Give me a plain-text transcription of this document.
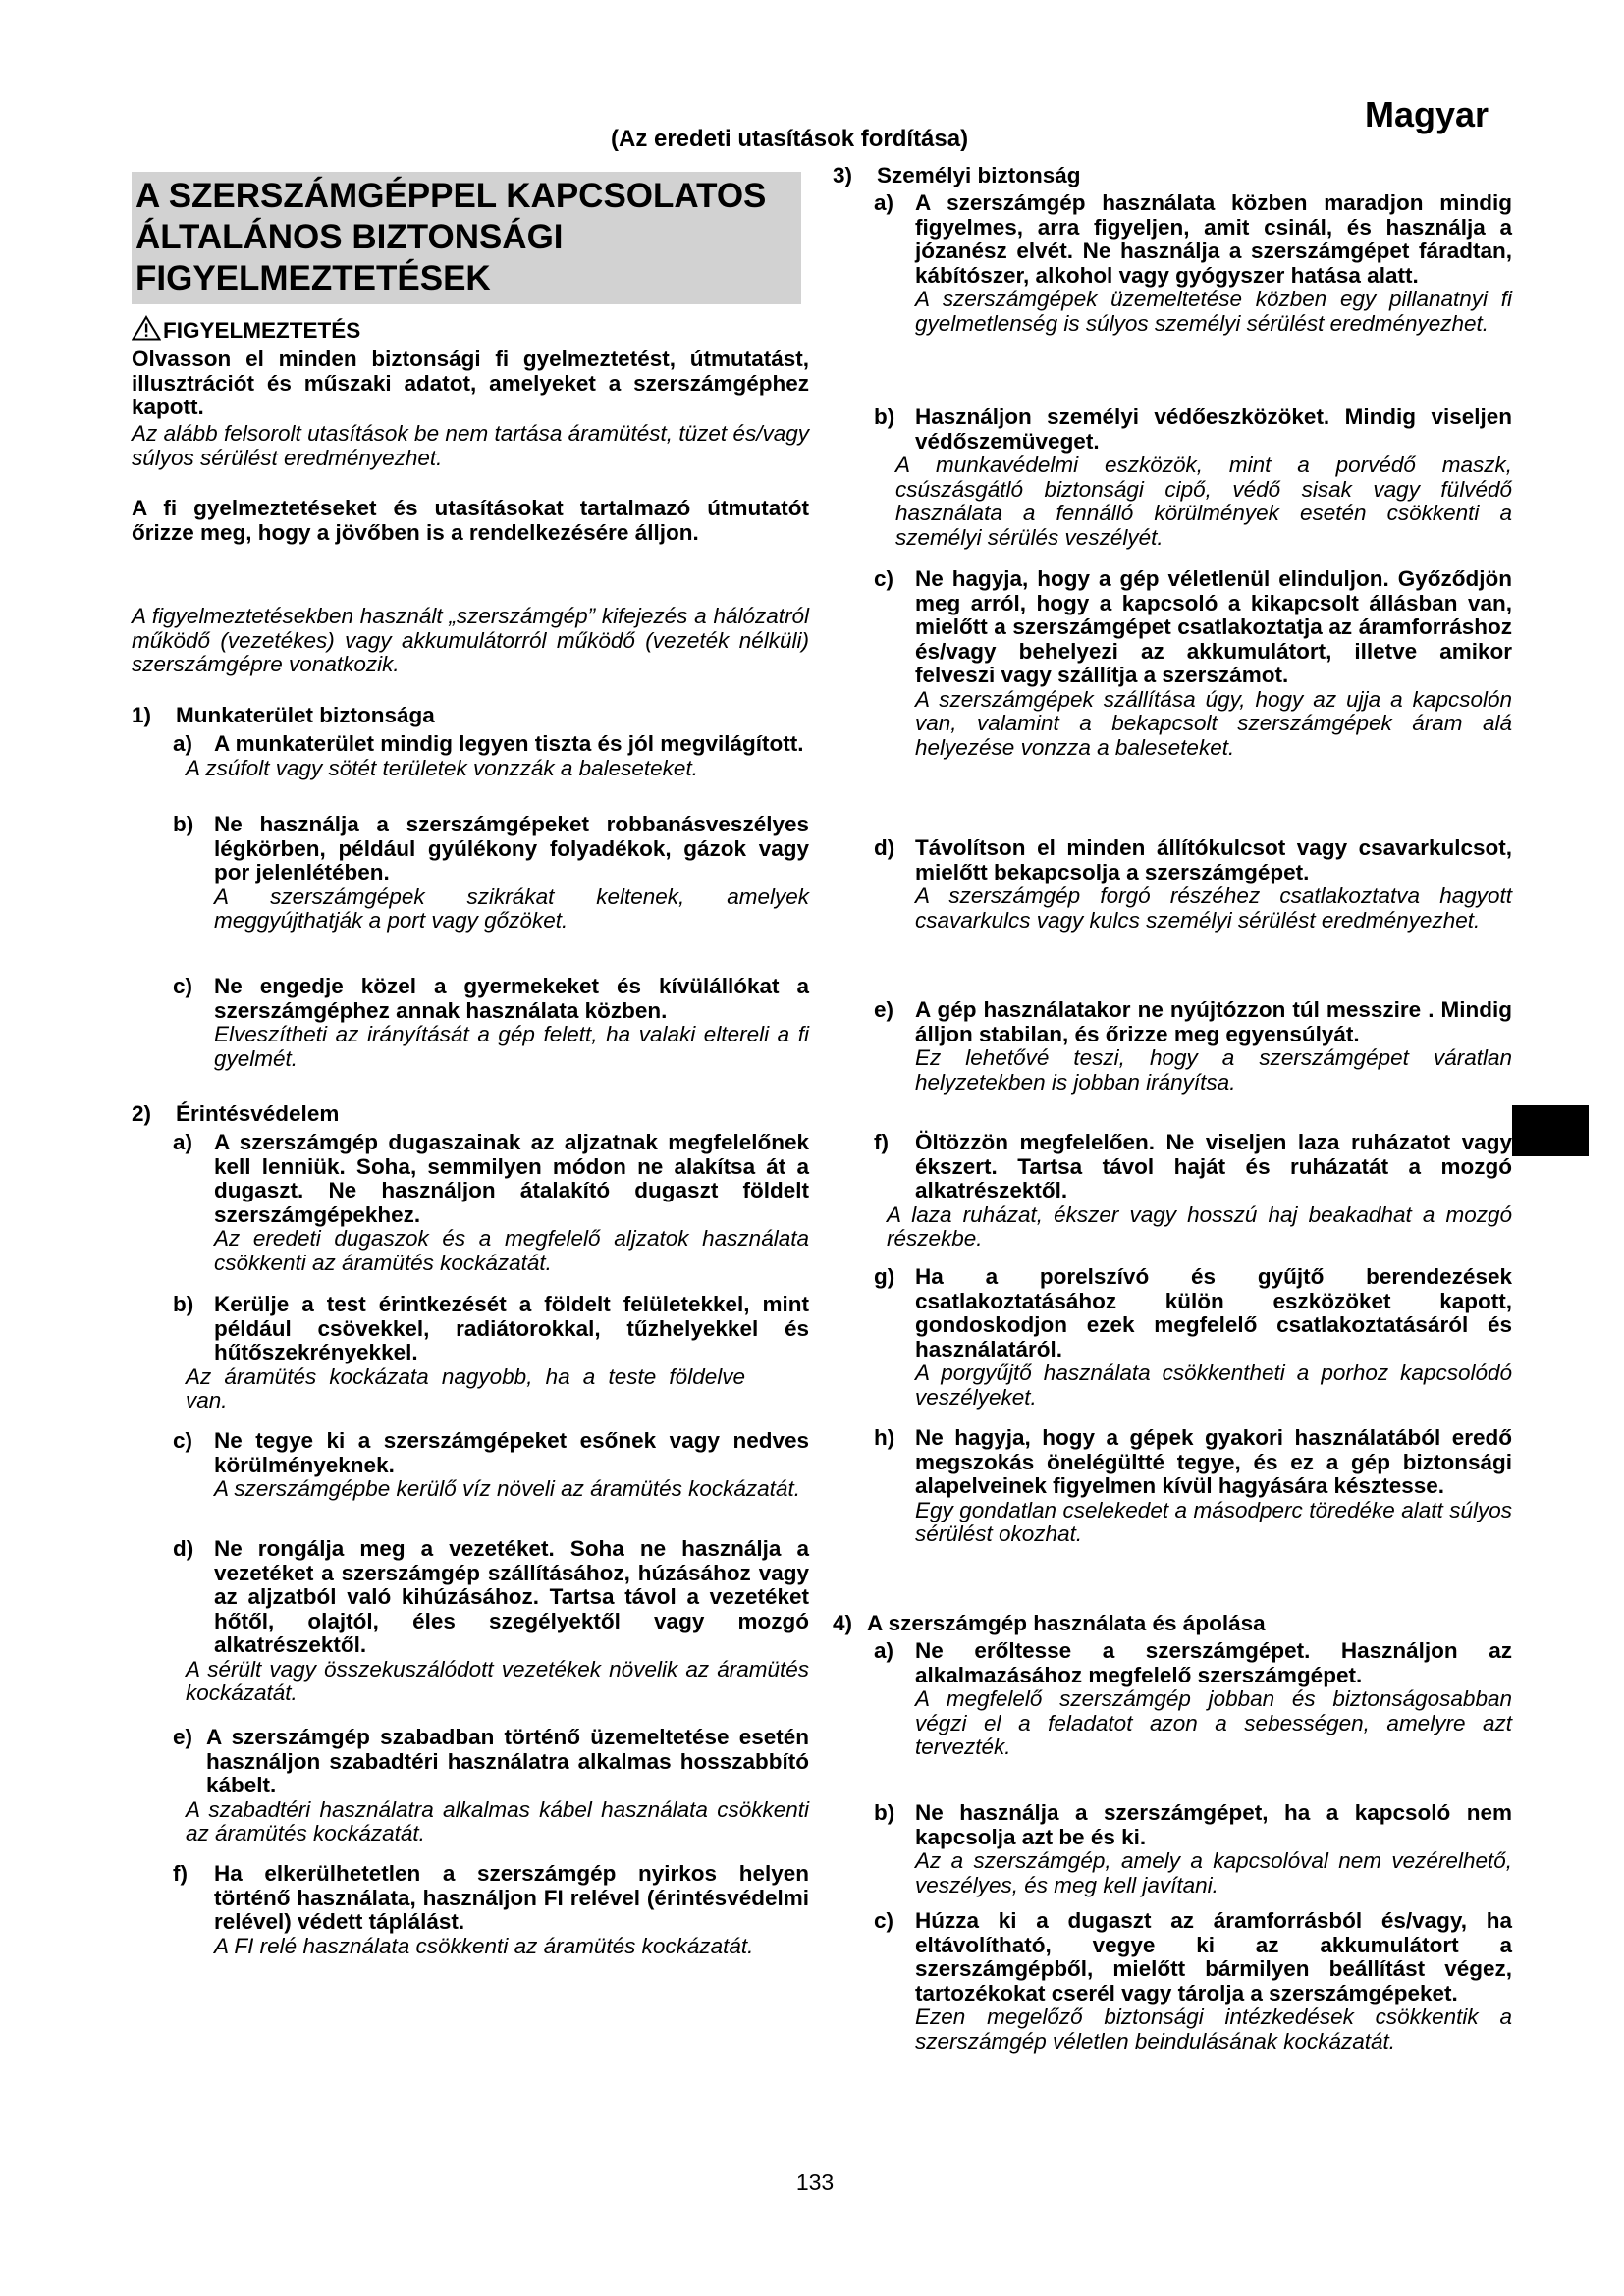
Magyar
(Az eredeti utasítások fordítása)
A SZERSZÁMGÉPPEL KAPCSOLATOS ÁLTALÁNOS BIZTONSÁGI FIGYELMEZTETÉSEK
133
FIGYELMEZTETÉS
Olvasson el minden biztonsági fi gyelmeztetést, útmutatást, illusztrációt és műszaki adatot, amelyeket a szerszámgéphez kapott.
Az alább felsorolt utasítások be nem tartása áramütést, tüzet és/vagy súlyos sérülést eredményezhet.
A fi gyelmeztetéseket és utasításokat tartalmazó útmutatót őrizze meg, hogy a jövőben is a rendelkezésére álljon.
A figyelmeztetésekben használt „szerszámgép” kifejezés a hálózatról működő (vezetékes) vagy akkumulátorról működő (vezeték nélküli) szerszámgépre vonatkozik.
1) Munkaterület biztonsága
a) A munkaterület mindig legyen tiszta és jól megvilágított.
A zsúfolt vagy sötét területek vonzzák a baleseteket.
b) Ne használja a szerszámgépeket robbanásveszélyes légkörben, például gyúlékony folyadékok, gázok vagy por jelenlétében.
A szerszámgépek szikrákat keltenek, amelyek meggyújthatják a port vagy gőzöket.
c) Ne engedje közel a gyermekeket és kívülállókat a szerszámgéphez annak használata közben.
Elveszítheti az irányítását a gép felett, ha valaki eltereli a fi gyelmét.
2) Érintésvédelem
a) A szerszámgép dugaszainak az aljzatnak megfelelőnek kell lenniük. Soha, semmilyen módon ne alakítsa át a dugaszt. Ne használjon átalakító dugaszt földelt szerszámgépekhez.
Az eredeti dugaszok és a megfelelő aljzatok használata csökkenti az áramütés kockázatát.
b) Kerülje a test érintkezését a földelt felületekkel, mint például csövekkel, radiátorokkal, tűzhelyekkel és hűtőszekrényekkel.
Az áramütés kockázata nagyobb, ha a teste földelve van.
c) Ne tegye ki a szerszámgépeket esőnek vagy nedves körülményeknek.
A szerszámgépbe kerülő víz növeli az áramütés kockázatát.
d) Ne rongálja meg a vezetéket. Soha ne használja a vezetéket a szerszámgép szállításához, húzásához vagy az aljzatból való kihúzásához. Tartsa távol a vezetéket hőtől, olajtól, éles szegélyektől vagy mozgó alkatrészektől.
A sérült vagy összekuszálódott vezetékek növelik az áramütés kockázatát.
e) A szerszámgép szabadban történő üzemeltetése esetén használjon szabadtéri használatra alkalmas hosszabbító kábelt.
A szabadtéri használatra alkalmas kábel használata csökkenti az áramütés kockázatát.
f) Ha elkerülhetetlen a szerszámgép nyirkos helyen történő használata, használjon FI relével (érintésvédelmi relével) védett táplálást.
A FI relé használata csökkenti az áramütés kockázatát.
3) Személyi biztonság
a) A szerszámgép használata közben maradjon mindig figyelmes, arra figyeljen, amit csinál, és használja a józanész elvét. Ne használja a szerszámgépet fáradtan, kábítószer, alkohol vagy gyógyszer hatása alatt.
A szerszámgépek üzemeltetése közben egy pillanatnyi fi gyelmetlenség is súlyos személyi sérülést eredményezhet.
b) Használjon személyi védőeszközöket. Mindig viseljen védőszemüveget.
A munkavédelmi eszközök, mint a porvédő maszk, csúszásgátló biztonsági cipő, védő sisak vagy fülvédő használata a fennálló körülmények esetén csökkenti a személyi sérülés veszélyét.
c) Ne hagyja, hogy a gép véletlenül elinduljon. Győződjön meg arról, hogy a kapcsoló a kikapcsolt állásban van, mielőtt a szerszámgépet csatlakoztatja az áramforráshoz és/vagy behelyezi az akkumulátort, illetve amikor felveszi vagy szállítja a szerszámot.
A szerszámgépek szállítása úgy, hogy az ujja a kapcsolón van, valamint a bekapcsolt szerszámgépek áram alá helyezése vonzza a baleseteket.
d) Távolítson el minden állítókulcsot vagy csavarkulcsot, mielőtt bekapcsolja a szerszámgépet.
A szerszámgép forgó részéhez csatlakoztatva hagyott csavarkulcs vagy kulcs személyi sérülést eredményezhet.
e) A gép használatakor ne nyújtózzon túl messzire . Mindig álljon stabilan, és őrizze meg egyensúlyát.
Ez lehetővé teszi, hogy a szerszámgépet váratlan helyzetekben is jobban irányítsa.
f) Öltözzön megfelelően. Ne viseljen laza ruházatot vagy ékszert. Tartsa távol haját és ruházatát a mozgó alkatrészektől.
A laza ruházat, ékszer vagy hosszú haj beakadhat a mozgó részekbe.
g) Ha a porelszívó és gyűjtő berendezések csatlakoztatásához külön eszközöket kapott, gondoskodjon ezek megfelelő csatlakoztatásáról és használatáról.
A porgyűjtő használata csökkentheti a porhoz kapcsolódó veszélyeket.
h) Ne hagyja, hogy a gépek gyakori használatából eredő megszokás önelégültté tegye, és ez a gép biztonsági alapelveinek figyelmen kívül hagyására késztesse.
Egy gondatlan cselekedet a másodperc töredéke alatt súlyos sérülést okozhat.
4) A szerszámgép használata és ápolása
a) Ne erőltesse a szerszámgépet. Használjon az alkalmazásához megfelelő szerszámgépet.
A megfelelő szerszámgép jobban és biztonságosabban végzi el a feladatot azon a sebességen, amelyre azt tervezték.
b) Ne használja a szerszámgépet, ha a kapcsoló nem kapcsolja azt be és ki.
Az a szerszámgép, amely a kapcsolóval nem vezérelhető, veszélyes, és meg kell javítani.
c) Húzza ki a dugaszt az áramforrásból és/vagy, ha eltávolítható, vegye ki az akkumulátort a szerszámgépből, mielőtt bármilyen beállítást végez, tartozékokat cserél vagy tárolja a szerszámgépeket.
Ezen megelőző biztonsági intézkedések csökkentik a szerszámgép véletlen beindulásának kockázatát.
